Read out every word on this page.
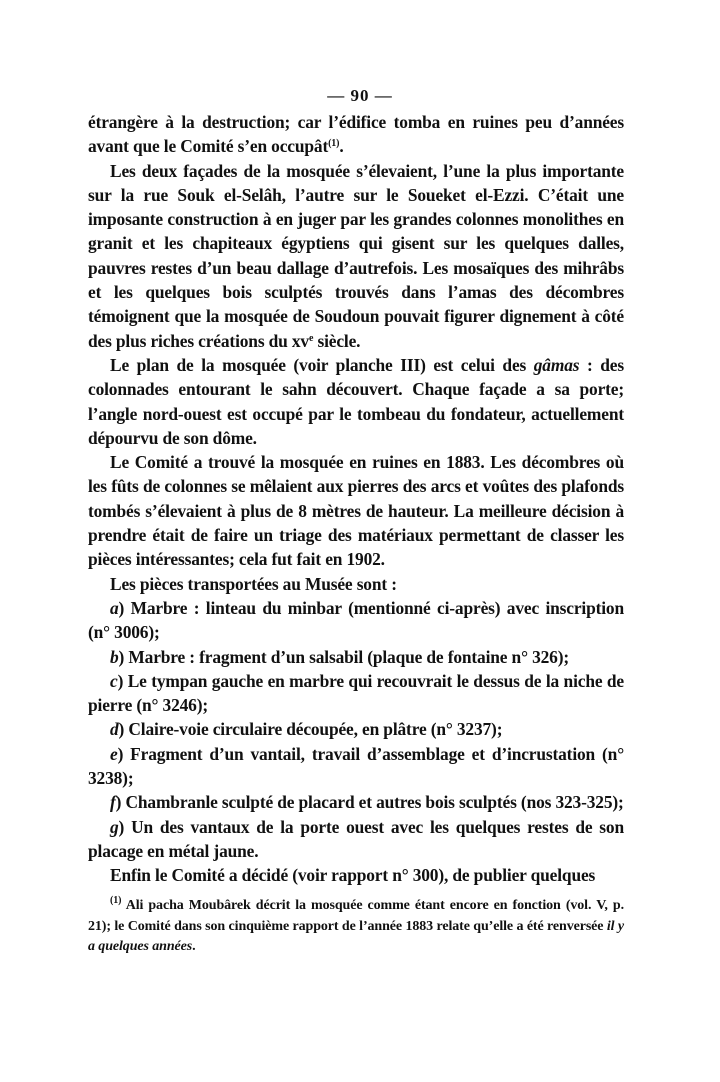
— 90 —

étrangère à la destruction; car l’édifice tomba en ruines peu d’années avant que le Comité s’en occupât$^{(1)}$.

Les deux façades de la mosquée s’élevaient, l’une la plus importante sur la rue Souk el-Selâh, l’autre sur le Soueket el-Ezzi. C’était une imposante construction à en juger par les grandes colonnes monolithes en granit et les chapiteaux égyptiens qui gisent sur les quelques dalles, pauvres restes d’un beau dallage d’autrefois. Les mosaïques des mihrâbs et les quelques bois sculptés trouvés dans l’amas des décombres témoignent que la mosquée de Soudoun pouvait figurer dignement à côté des plus riches créations du $xv^e$ siècle.

Le plan de la mosquée (voir planche III) est celui des gâmas : des colonnades entourant le sahn découvert. Chaque façade a sa porte; l’angle nord-ouest est occupé par le tombeau du fondateur, actuellement dépourvu de son dôme.

Le Comité a trouvé la mosquée en ruines en 1883. Les décombres où les fûts de colonnes se mêlaient aux pierres des arcs et voûtes des plafonds tombés s’élevaient à plus de 8 mètres de hauteur. La meilleure décision à prendre était de faire un triage des matériaux permettant de classer les pièces intéressantes; cela fut fait en 1902.

Les pièces transportées au Musée sont :

a) Marbre : linteau du minbar (mentionné ci-après) avec inscription (n° 3006);

b) Marbre : fragment d’un salsabil (plaque de fontaine n° 326);

c) Le tympan gauche en marbre qui recouvrait le dessus de la niche de pierre (n° 3246);

d) Claire-voie circulaire découpée, en plâtre (n° 3237);

e) Fragment d’un vantail, travail d’assemblage et d’incrustation (n° 3238);

f) Chambranle sculpté de placard et autres bois sculptés (nos 323-325);

g) Un des vantaux de la porte ouest avec les quelques restes de son placage en métal jaune.

Enfin le Comité a décidé (voir rapport n° 300), de publier quelques

$^{(1)}$ Ali pacha Moubârek décrit la mosquée comme étant encore en fonction (vol. V, p. 21); le Comité dans son cinquième rapport de l’année 1883 relate qu’elle a été renversée il y a quelques années.
